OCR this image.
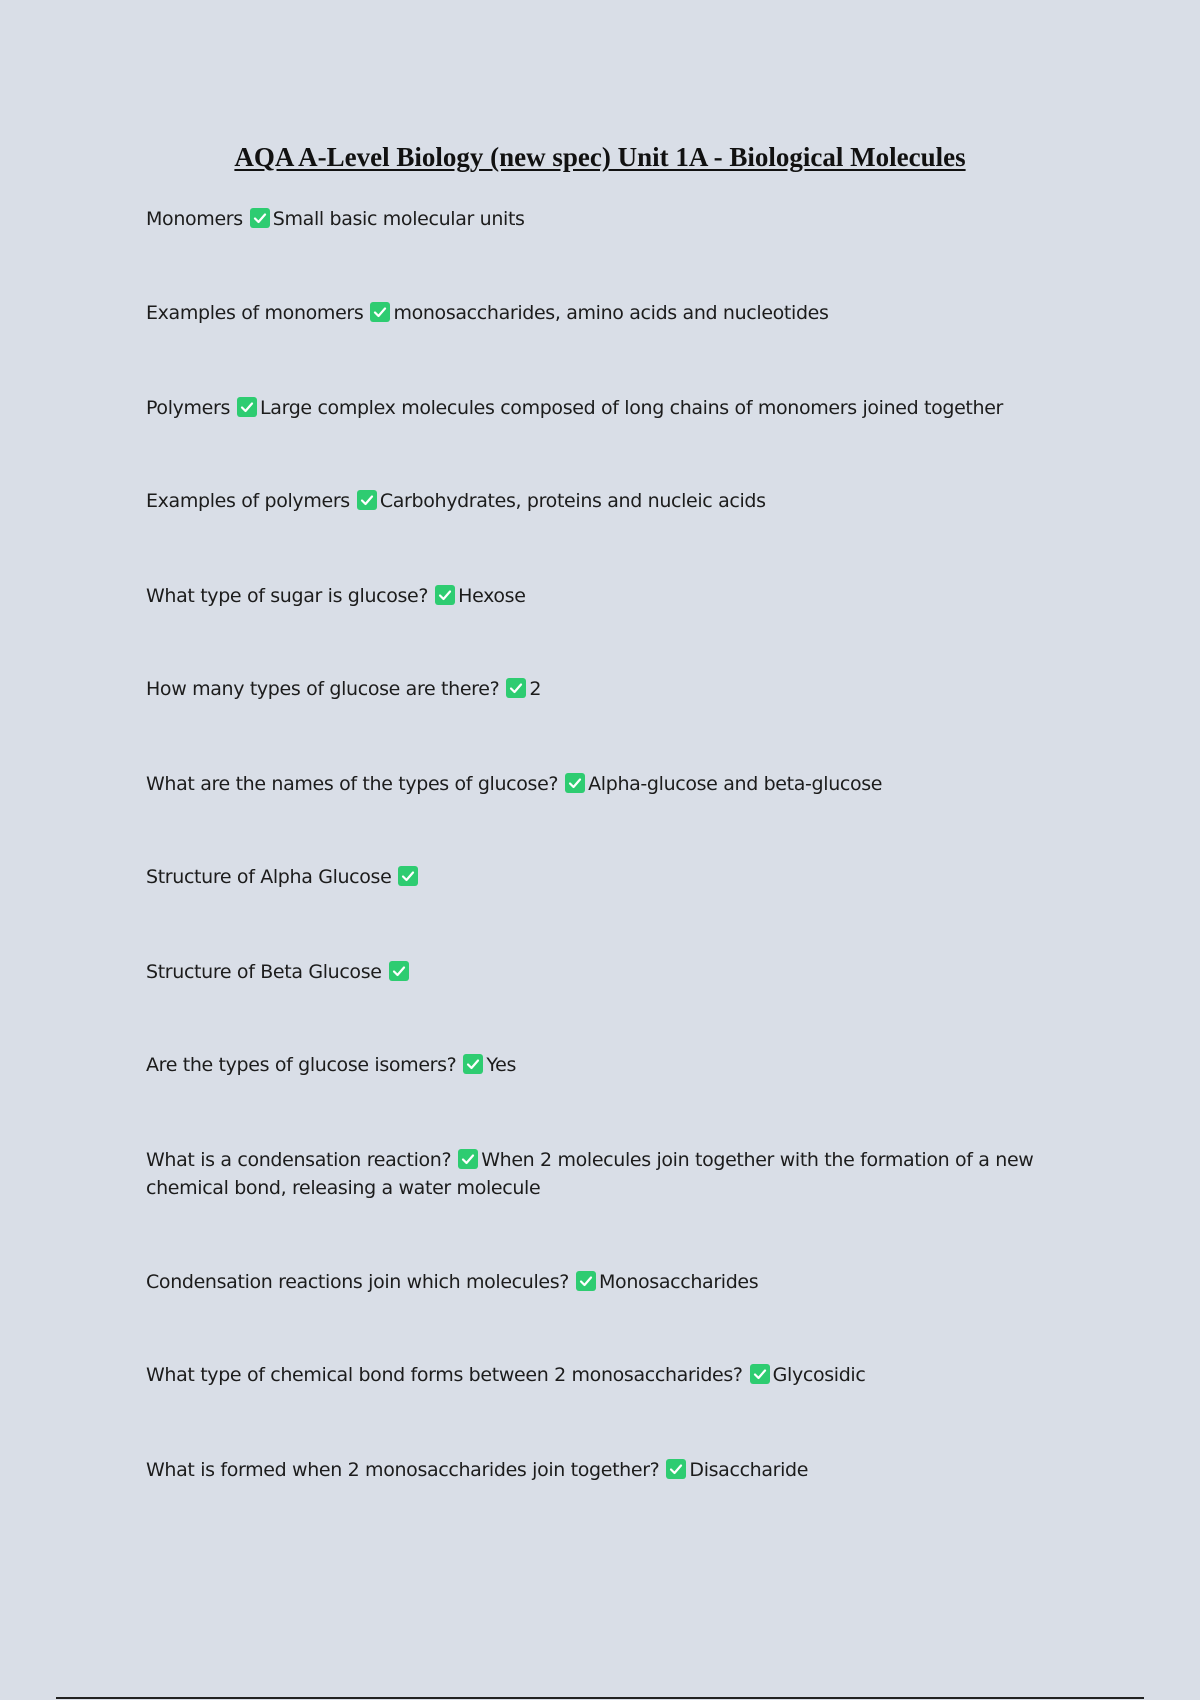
AQA A-Level Biology (new spec) Unit 1A - Biological Molecules
Monomers Small basic molecular units
Examples of monomers monosaccharides, amino acids and nucleotides
Polymers Large complex molecules composed of long chains of monomers joined together
Examples of polymers Carbohydrates, proteins and nucleic acids
What type of sugar is glucose? Hexose
How many types of glucose are there? 2
What are the names of the types of glucose? Alpha-glucose and beta-glucose
Structure of Alpha Glucose
Structure of Beta Glucose
Are the types of glucose isomers? Yes
What is a condensation reaction? When 2 molecules join together with the formation of a new chemical bond, releasing a water molecule
Condensation reactions join which molecules? Monosaccharides
What type of chemical bond forms between 2 monosaccharides? Glycosidic
What is formed when 2 monosaccharides join together? Disaccharide
